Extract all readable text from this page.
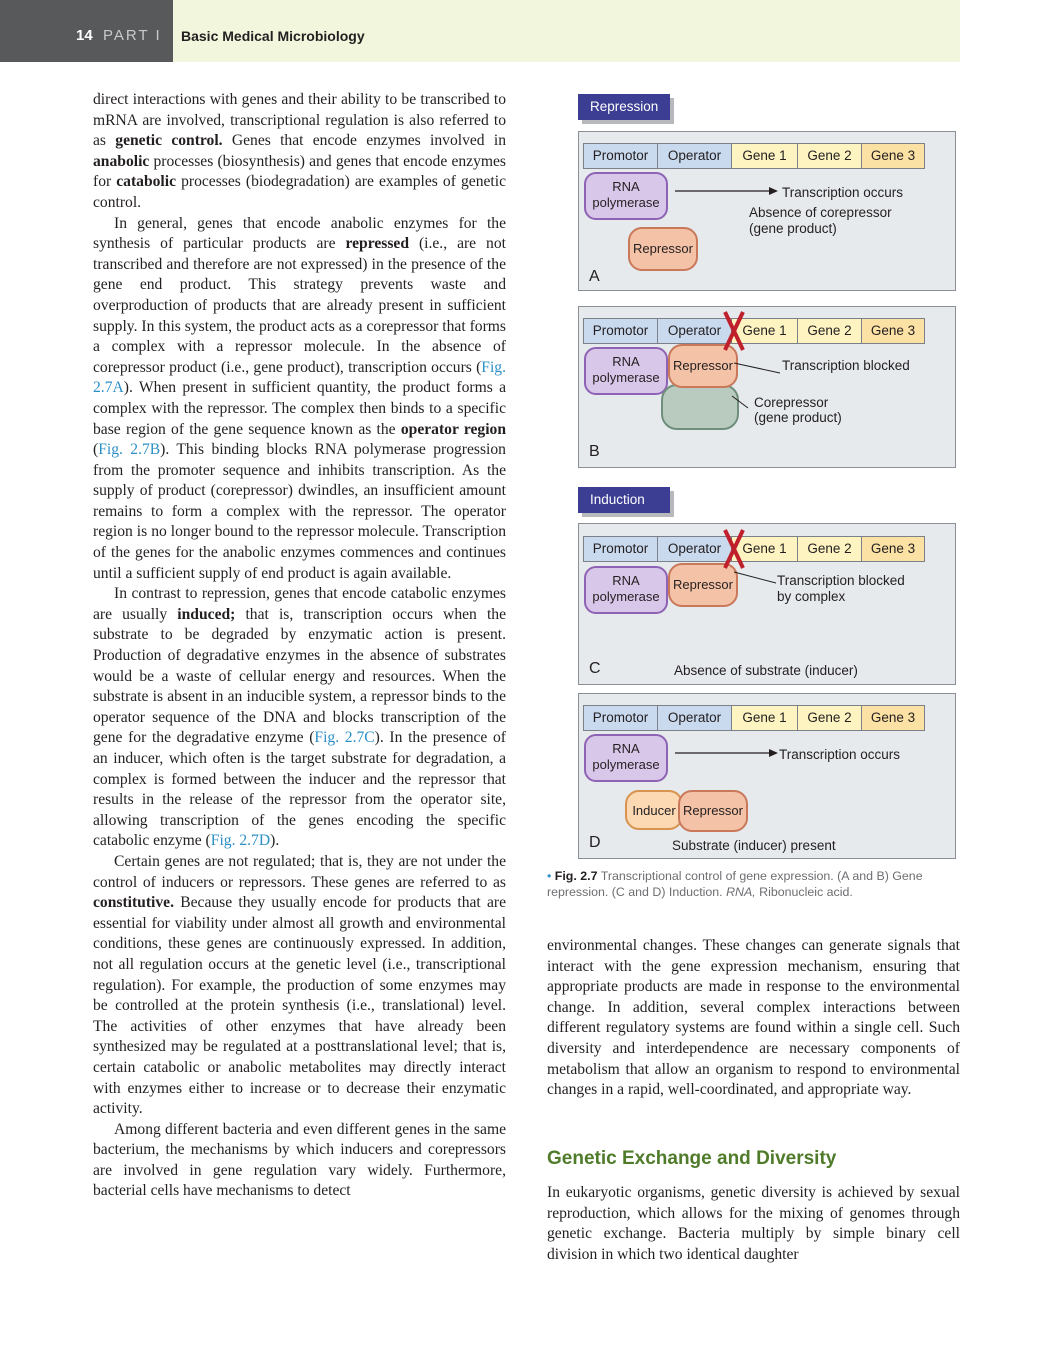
14 PART I Basic Medical Microbiology

direct interactions with genes and their ability to be transcribed to mRNA are involved, transcriptional regulation is also referred to as genetic control. Genes that encode enzymes involved in anabolic processes (biosynthesis) and genes that encode enzymes for catabolic processes (biodegradation) are examples of genetic control.

In general, genes that encode anabolic enzymes for the synthesis of particular products are repressed (i.e., are not transcribed and therefore are not expressed) in the presence of the gene end product. This strategy prevents waste and overproduction of products that are already present in sufficient supply. In this system, the product acts as a corepressor that forms a complex with a repressor molecule. In the absence of corepressor product (i.e., gene product), transcription occurs (Fig. 2.7A). When present in sufficient quantity, the product forms a complex with the repressor. The complex then binds to a specific base region of the gene sequence known as the operator region (Fig. 2.7B). This binding blocks RNA polymerase progression from the promoter sequence and inhibits transcription. As the supply of product (corepressor) dwindles, an insufficient amount remains to form a complex with the repressor. The operator region is no longer bound to the repressor molecule. Transcription of the genes for the anabolic enzymes commences and continues until a sufficient supply of end product is again available.

In contrast to repression, genes that encode catabolic enzymes are usually induced; that is, transcription occurs when the substrate to be degraded by enzymatic action is present. Production of degradative enzymes in the absence of substrates would be a waste of cellular energy and resources. When the substrate is absent in an inducible system, a repressor binds to the operator sequence of the DNA and blocks transcription of the gene for the degradative enzyme (Fig. 2.7C). In the presence of an inducer, which often is the target substrate for degradation, a complex is formed between the inducer and the repressor that results in the release of the repressor from the operator site, allowing transcription of the genes encoding the specific catabolic enzyme (Fig. 2.7D).

Certain genes are not regulated; that is, they are not under the control of inducers or repressors. These genes are referred to as constitutive. Because they usually encode for products that are essential for viability under almost all growth and environmental conditions, these genes are continuously expressed. In addition, not all regulation occurs at the genetic level (i.e., transcriptional regulation). For example, the production of some enzymes may be controlled at the protein synthesis (i.e., translational) level. The activities of other enzymes that have already been synthesized may be regulated at a posttranslational level; that is, certain catabolic or anabolic metabolites may directly interact with enzymes either to increase or to decrease their enzymatic activity.

Among different bacteria and even different genes in the same bacterium, the mechanisms by which inducers and corepressors are involved in gene regulation vary widely. Furthermore, bacterial cells have mechanisms to detect

Repression
Promotor	Operator	Gene 1	Gene 2	Gene 3
RNA
polymerase
Repressor
Transcription occurs
Absence of corepressor
(gene product)
A
Promotor	Operator	Gene 1	Gene 2	Gene 3
RNA
polymerase
Repressor	Transcription blocked
Corepressor
(gene product)
B
Induction
Promotor	Operator	Gene 1	Gene 2	Gene 3
RNA
polymerase
Repressor	Transcription blocked
by complex
Absence of substrate (inducer)
C
Promotor	Operator	Gene 1	Gene 2	Gene 3
RNA
polymerase
Transcription occurs
Inducer Repressor
Substrate (inducer) present
D
• Fig. 2.7 Transcriptional control of gene expression. (A and B) Gene repression. (C and D) Induction. RNA, Ribonucleic acid.

environmental changes. These changes can generate signals that interact with the gene expression mechanism, ensuring that appropriate products are made in response to the environmental change. In addition, several complex interactions between different regulatory systems are found within a single cell. Such diversity and interdependence are necessary components of metabolism that allow an organism to respond to environmental changes in a rapid, well-coordinated, and appropriate way.

Genetic Exchange and Diversity

In eukaryotic organisms, genetic diversity is achieved by sexual reproduction, which allows for the mixing of genomes through genetic exchange. Bacteria multiply by simple binary cell division in which two identical daughter
